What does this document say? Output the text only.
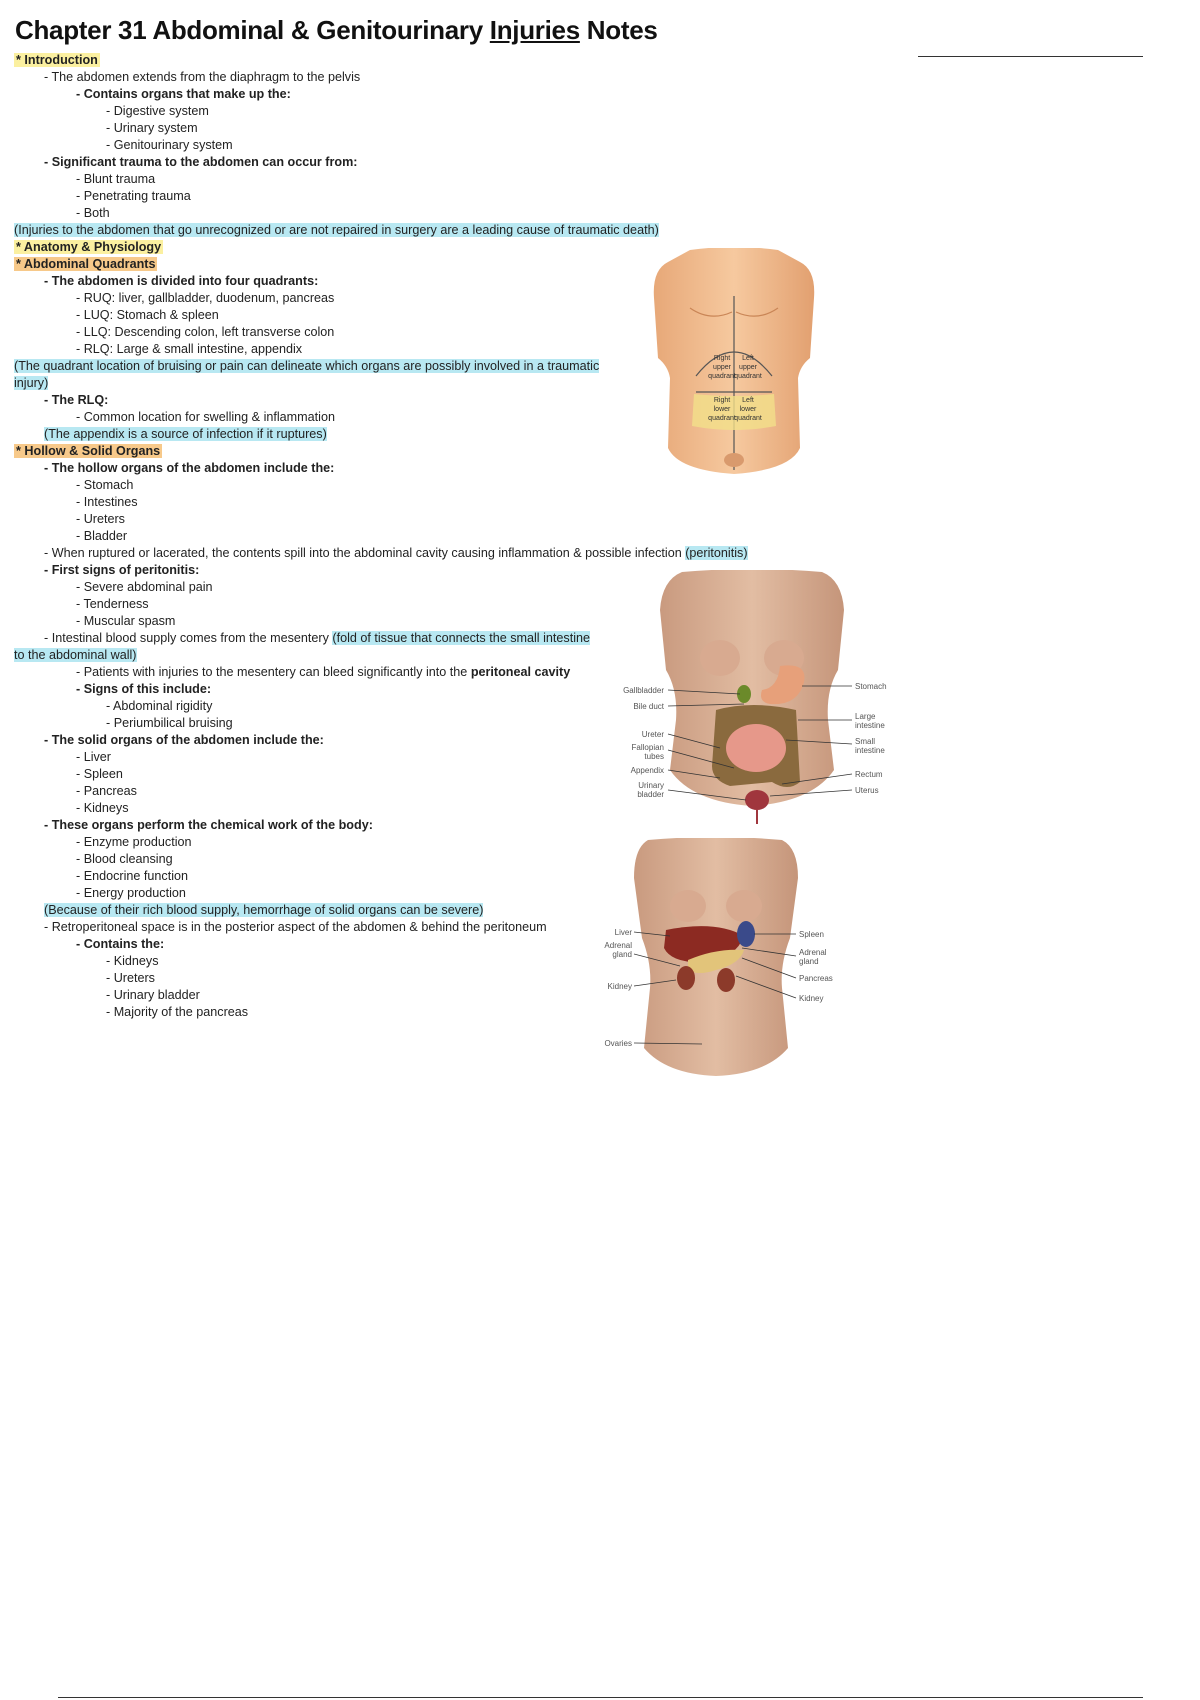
Chapter 31 Abdominal & Genitourinary Injuries Notes
* Introduction
- The abdomen extends from the diaphragm to the pelvis
- Contains organs that make up the:
- Digestive system
- Urinary system
- Genitourinary system
- Significant trauma to the abdomen can occur from:
- Blunt trauma
- Penetrating trauma
- Both
(Injuries to the abdomen that go unrecognized or are not repaired in surgery are a leading cause of traumatic death)
* Anatomy & Physiology
* Abdominal Quadrants
- The abdomen is divided into four quadrants:
- RUQ: liver, gallbladder, duodenum, pancreas
- LUQ: Stomach & spleen
- LLQ: Descending colon, left transverse colon
- RLQ: Large & small intestine, appendix
(The quadrant location of bruising or pain can delineate which organs are possibly involved in a traumatic injury)
- The RLQ:
- Common location for swelling & inflammation
(The appendix is a source of infection if it ruptures)
* Hollow & Solid Organs
- The hollow organs of the abdomen include the:
- Stomach
- Intestines
- Ureters
- Bladder
- When ruptured or lacerated, the contents spill into the abdominal cavity causing inflammation & possible infection (peritonitis)
- First signs of peritonitis:
- Severe abdominal pain
- Tenderness
- Muscular spasm
- Intestinal blood supply comes from the mesentery (fold of tissue that connects the small intestine to the abdominal wall)
- Patients with injuries to the mesentery can bleed significantly into the peritoneal cavity
- Signs of this include:
- Abdominal rigidity
- Periumbilical bruising
- The solid organs of the abdomen include the:
- Liver
- Spleen
- Pancreas
- Kidneys
- These organs perform the chemical work of the body:
- Enzyme production
- Blood cleansing
- Endocrine function
- Energy production
(Because of their rich blood supply, hemorrhage of solid organs can be severe)
- Retroperitoneal space is in the posterior aspect of the abdomen & behind the peritoneum
- Contains the:
- Kidneys
- Ureters
- Urinary bladder
- Majority of the pancreas
Right
upper
quadrant
Left
upper
quadrant
Right
lower
quadrant
Left
lower
quadrant
Gallbladder
Bile duct
Ureter
Fallopian
tubes
Appendix
Urinary
bladder
Stomach
Large
intestine
Small
intestine
Rectum
Uterus
Liver
Adrenal
gland
Kidney
Ovaries
Spleen
Adrenal
gland
Pancreas
Kidney
